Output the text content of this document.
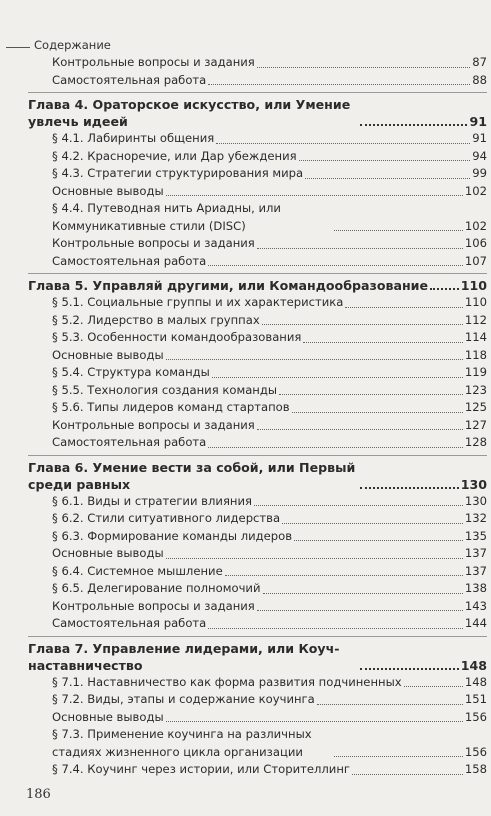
Содержание
Контрольные вопросы и задания	87
Самостоятельная работа	88
Глава 4. Ораторское искусство, или Умение увлечь идеей	91
§ 4.1. Лабиринты общения	91
§ 4.2. Красноречие, или Дар убеждения	94
§ 4.3. Стратегии структурирования мира	99
Основные выводы	102
§ 4.4. Путеводная нить Ариадны, или Коммуникативные стили (DISC)	102
Контрольные вопросы и задания	106
Самостоятельная работа	107
Глава 5. Управляй другими, или Командообразование	110
§ 5.1. Социальные группы и их характеристика	110
§ 5.2. Лидерство в малых группах	112
§ 5.3. Особенности командообразования	114
Основные выводы	118
§ 5.4. Структура команды	119
§ 5.5. Технология создания команды	123
§ 5.6. Типы лидеров команд стартапов	125
Контрольные вопросы и задания	127
Самостоятельная работа	128
Глава 6. Умение вести за собой, или Первый среди равных	130
§ 6.1. Виды и стратегии влияния	130
§ 6.2. Стили ситуативного лидерства	132
§ 6.3. Формирование команды лидеров	135
Основные выводы	137
§ 6.4. Системное мышление	137
§ 6.5. Делегирование полномочий	138
Контрольные вопросы и задания	143
Самостоятельная работа	144
Глава 7. Управление лидерами, или Коуч-наставничество	148
§ 7.1. Наставничество как форма развития подчиненных	148
§ 7.2. Виды, этапы и содержание коучинга	151
Основные выводы	156
§ 7.3. Применение коучинга на различных стадиях жизненного цикла организации	156
§ 7.4. Коучинг через истории, или Сторителлинг	158
186
